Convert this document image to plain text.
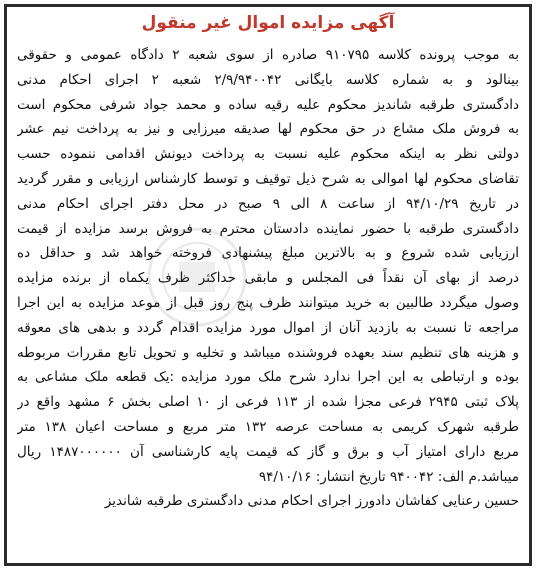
آگهی مزایده اموال غیر منقول
به موجب پرونده کلاسه ۹۱۰۷۹۵ صادره از سوی شعبه ۲ دادگاه عمومی و حقوقی
بینالود و به شماره کلاسه بایگانی ۲/۹/۹۴۰۰۴۲ شعبه ۲ اجرای احکام مدنی
دادگستری طرقبه شاندیز محکوم علیه رقیه ساده و محمد جواد شرفی محکوم است
به فروش ملک مشاع در حق محکوم لها صدیقه میرزایی و نیز به پرداخت نیم عشر
دولتی نظر به اینکه محکوم علیه نسبت به پرداخت دیونش اقدامی ننموده حسب
تقاضای محکوم لها اموالی به شرح ذیل توقیف و توسط کارشناس ارزیابی و مقرر گردید
در تاریخ ۹۴/۱۰/۲۹ از ساعت ۸ الی ۹ صبح در محل دفتر اجرای احکام مدنی
دادگستری طرقبه با حضور نماینده دادستان محترم به فروش برسد مزایده از قیمت
ارزیابی شده شروع و به بالاترین مبلغ پیشنهادی فروخته خواهد شد و حداقل ده
درصد از بهای آن نقداً فی المجلس و مابقی حداکثر ظرف یکماه از برنده مزایده
وصول میگردد طالبین به خرید میتوانند ظرف پنج روز قبل از موعد مزایده به این اجرا
مراجعه تا نسبت به بازدید آنان از اموال مورد مزایده اقدام گردد و بدهی های معوقه
و هزینه های تنظیم سند بعهده فروشنده میباشد و تخلیه و تحویل تابع مقررات مربوطه
بوده و ارتباطی به این اجرا ندارد شرح ملک مورد مزایده :یک قطعه ملک مشاعی به
پلاک ثبتی ۲۹۴۵ فرعی مجزا شده از ۱۱۳ فرعی از ۱۰ اصلی بخش ۶ مشهد واقع در
طرقبه شهرک کریمی به مساحت عرصه ۱۳۲ متر مربع و مساحت اعیان ۱۳۸ متر
مربع دارای امتیاز آب و برق و گاز که قیمت پایه کارشناسی آن ۱۴۸۷۰۰۰۰۰۰ ریال
میباشد.م الف: ۹۴۰۰۴۲ تاریخ انتشار: ۹۴/۱۰/۱۶
حسین رعنایی کفاشان دادورز اجرای احکام مدنی دادگستری طرقبه شاندیز
